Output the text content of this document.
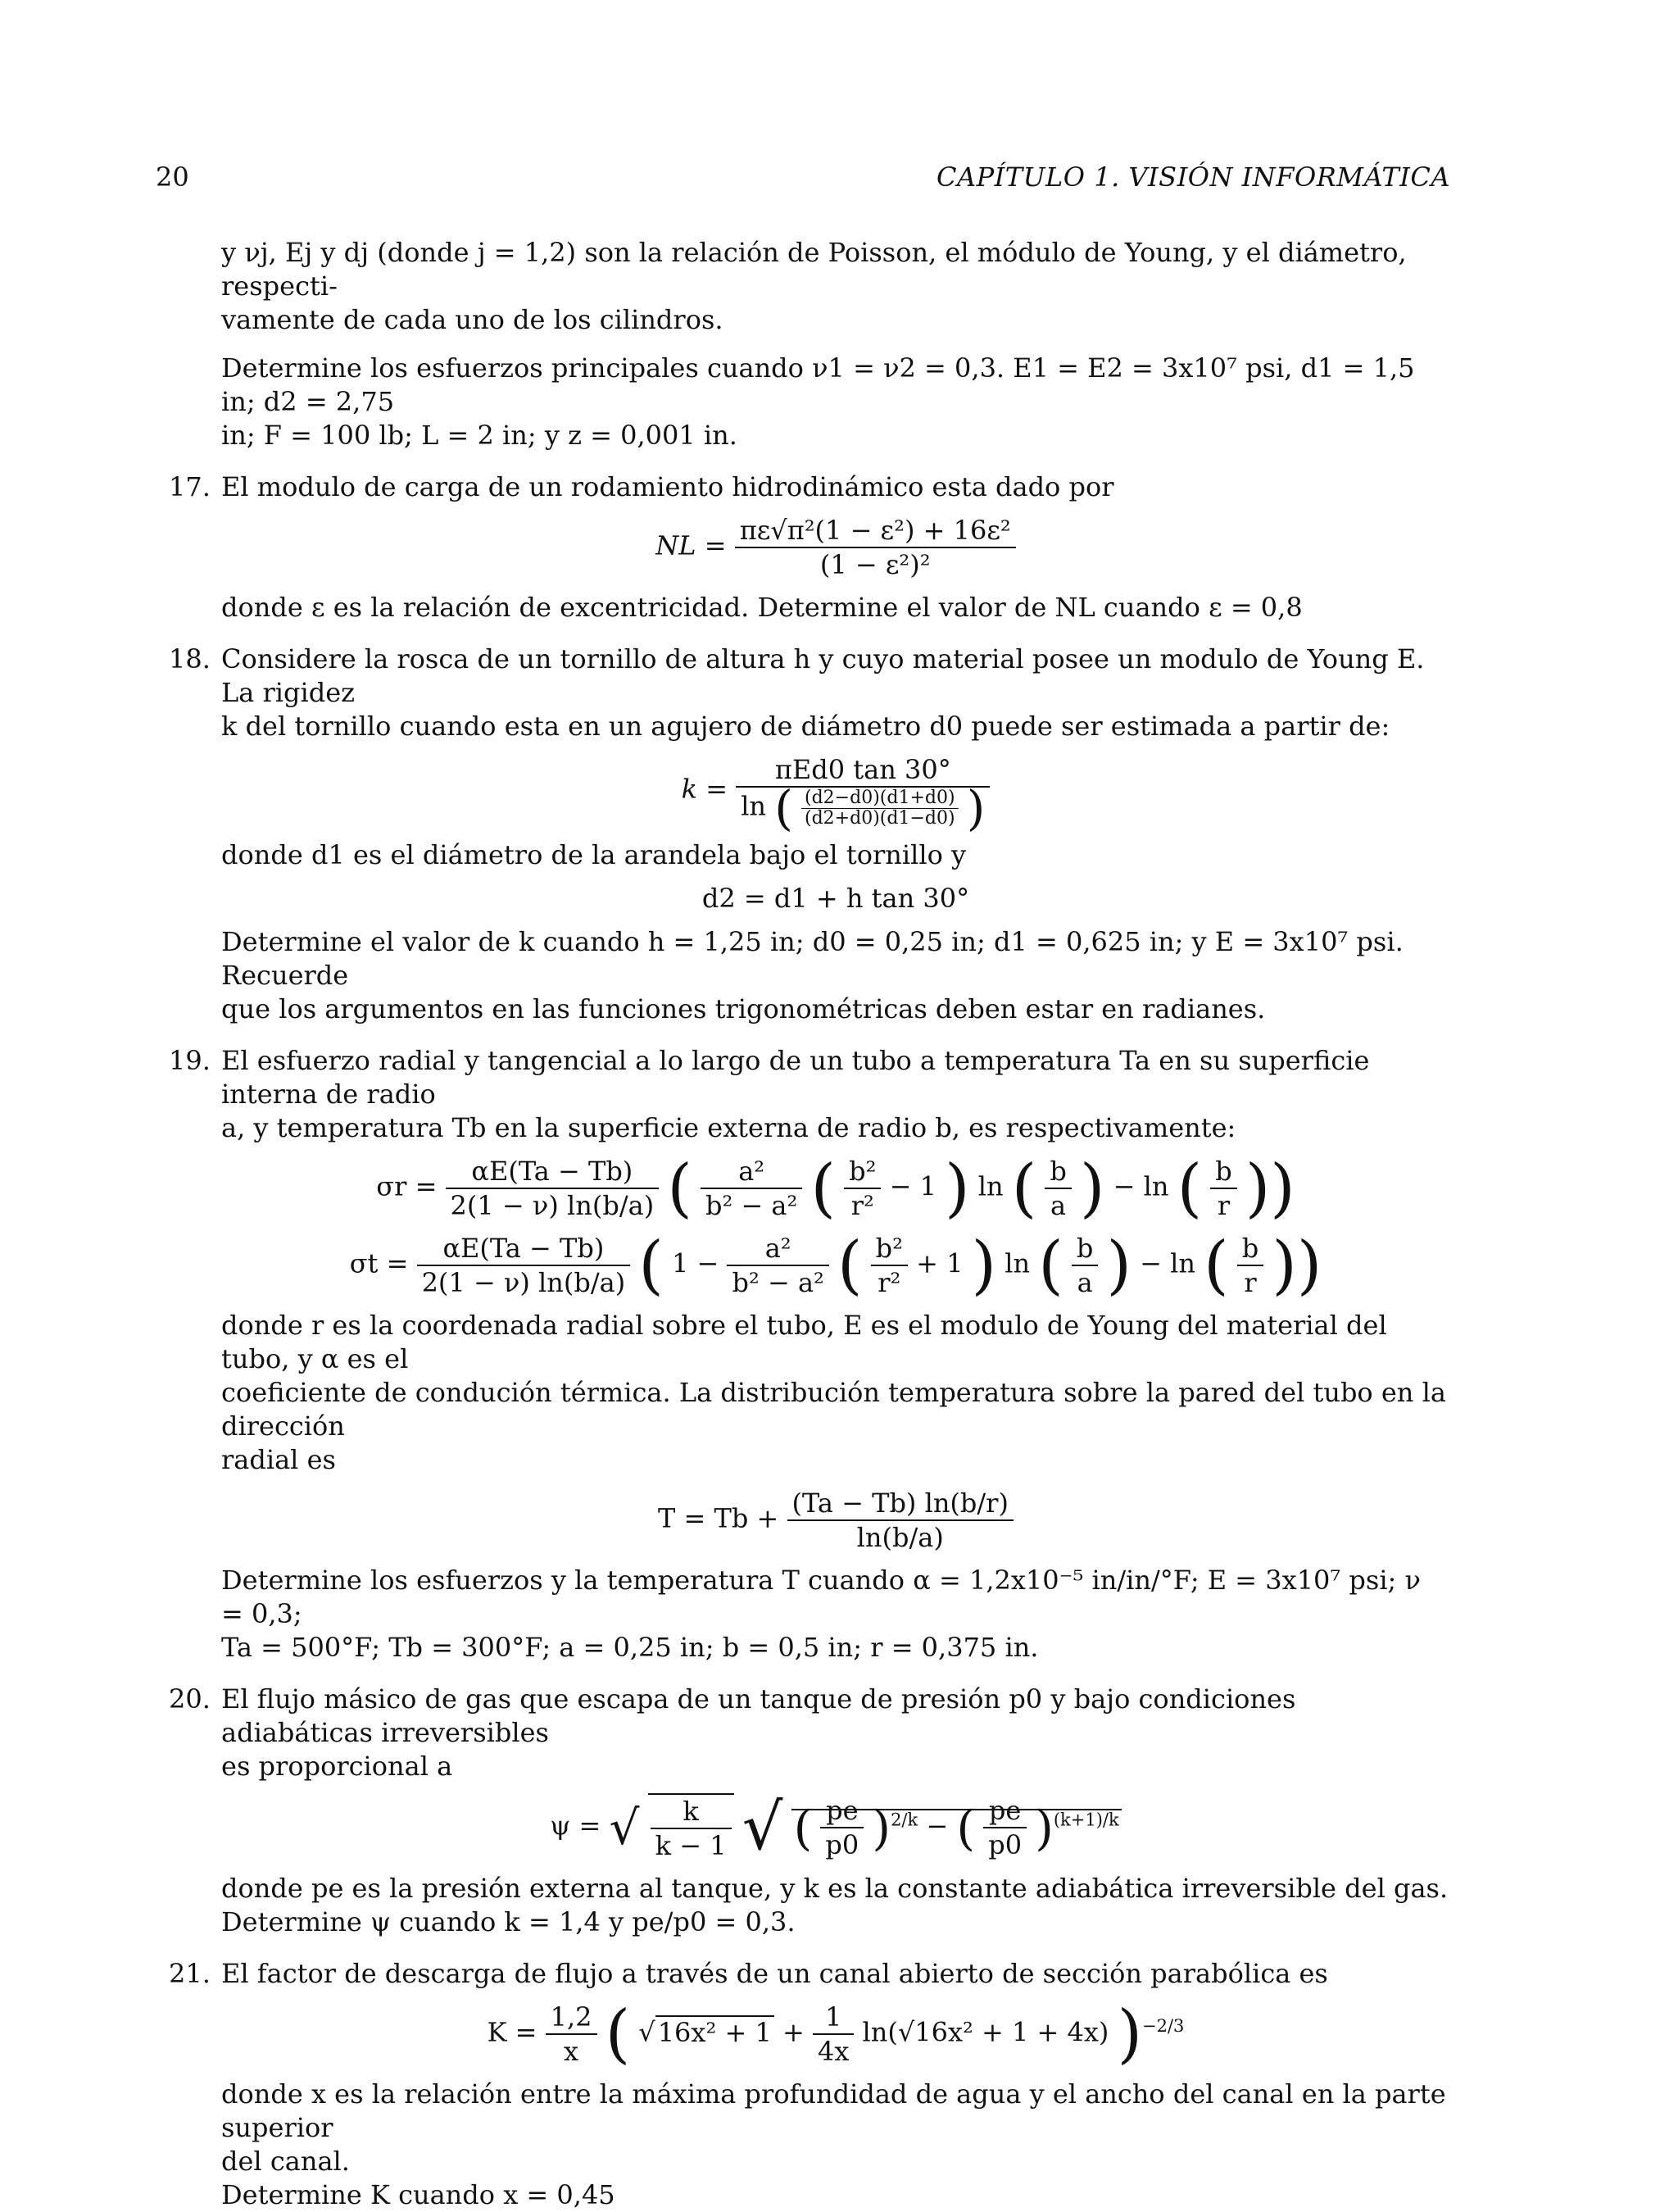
20	CAPÍTULO 1. VISIÓN INFORMÁTICA

y νj, Ej y dj (donde j = 1,2) son la relación de Poisson, el módulo de Young, y el diámetro, respecti-

vamente de cada uno de los cilindros.

Determine los esfuerzos principales cuando ν1 = ν2 = 0,3. E1 = E2 = 3x10⁷ psi, d1 = 1,5 in; d2 = 2,75

in; F = 100 lb; L = 2 in; y z = 0,001 in.

17. El modulo de carga de un rodamiento hidrodinámico esta dado por

NL = $\frac{\text{πε√π²(1 − ε²) + 16ε²}}{\text{(1 − ε²)²}}$

donde ε es la relación de excentricidad. Determine el valor de NL cuando ε = 0,8

18. Considere la rosca de un tornillo de altura h y cuyo material posee un modulo de Young E. La rigidez

k del tornillo cuando esta en un agujero de diámetro d0 puede ser estimada a partir de:

k =
πEd0 tan 30°
ln ( $\frac{(d2-d0)(d1+d0)}{(d2+d0)(d1-d0)}$ )

donde d1 es el diámetro de la arandela bajo el tornillo y

d2 = d1 + h tan 30°

Determine el valor de k cuando h = 1,25 in; d0 = 0,25 in; d1 = 0,625 in; y E = 3x10⁷ psi. Recuerde

que los argumentos en las funciones trigonométricas deben estar en radianes.

19. El esfuerzo radial y tangencial a lo largo de un tubo a temperatura Ta en su superficie interna de radio

a, y temperatura Tb en la superficie externa de radio b, es respectivamente:

$\sigma r = \frac{\alpha E(Ta - Tb)}{2(1 - \nu) \ln(b/a)}$ ( $\frac{\text{a²}}{\text{b² − a²}}$ ( $\frac{\text{b²}}{\text{r²}} - 1$ ) ln ( $\frac{b}{a}$ ) − ln ( $\frac{b}{r}$ ))
$\sigma t = \frac{\alpha E(Ta - Tb)}{2(1 - \nu) \ln(b/a)}$ ( $1 - \frac{\text{a²}}{\text{b² − a²}}$ ( $\frac{\text{b²}}{\text{r²}} + 1$ ) ln ( $\frac{b}{a}$ ) − ln ( $\frac{b}{r}$ ))

donde r es la coordenada radial sobre el tubo, E es el modulo de Young del material del tubo, y α es el

coeficiente de condución térmica. La distribución temperatura sobre la pared del tubo en la dirección

radial es

$T = Tb + \frac{(Ta - Tb) \ln(b/r)}{\ln(b/a)}$

Determine los esfuerzos y la temperatura T cuando α = 1,2x10⁻⁵ in/in/°F; E = 3x10⁷ psi; ν = 0,3;

Ta = 500°F; Tb = 300°F; a = 0,25 in; b = 0,5 in; r = 0,375 in.

20. El flujo másico de gas que escapa de un tanque de presión p0 y bajo condiciones adiabáticas irreversibles

es proporcional a

ψ = √ $\frac{k}{k - 1}$ √ ( $\frac{pe}{p0} )^{2/k}$ − ( $\frac{pe}{p0} )^{(k+1)/k}$

donde pe es la presión externa al tanque, y k es la constante adiabática irreversible del gas.

Determine ψ cuando k = 1,4 y pe/p0 = 0,3.

21. El factor de descarga de flujo a través de un canal abierto de sección parabólica es

$K = \frac{1,2}{x}$ ( $√16x^2 + 1 + \frac{1}{4x} \ln(√16x^2 + 1 + 4x)$ )$^{-2/3}$

donde x es la relación entre la máxima profundidad de agua y el ancho del canal en la parte superior

del canal.

Determine K cuando x = 0,45
